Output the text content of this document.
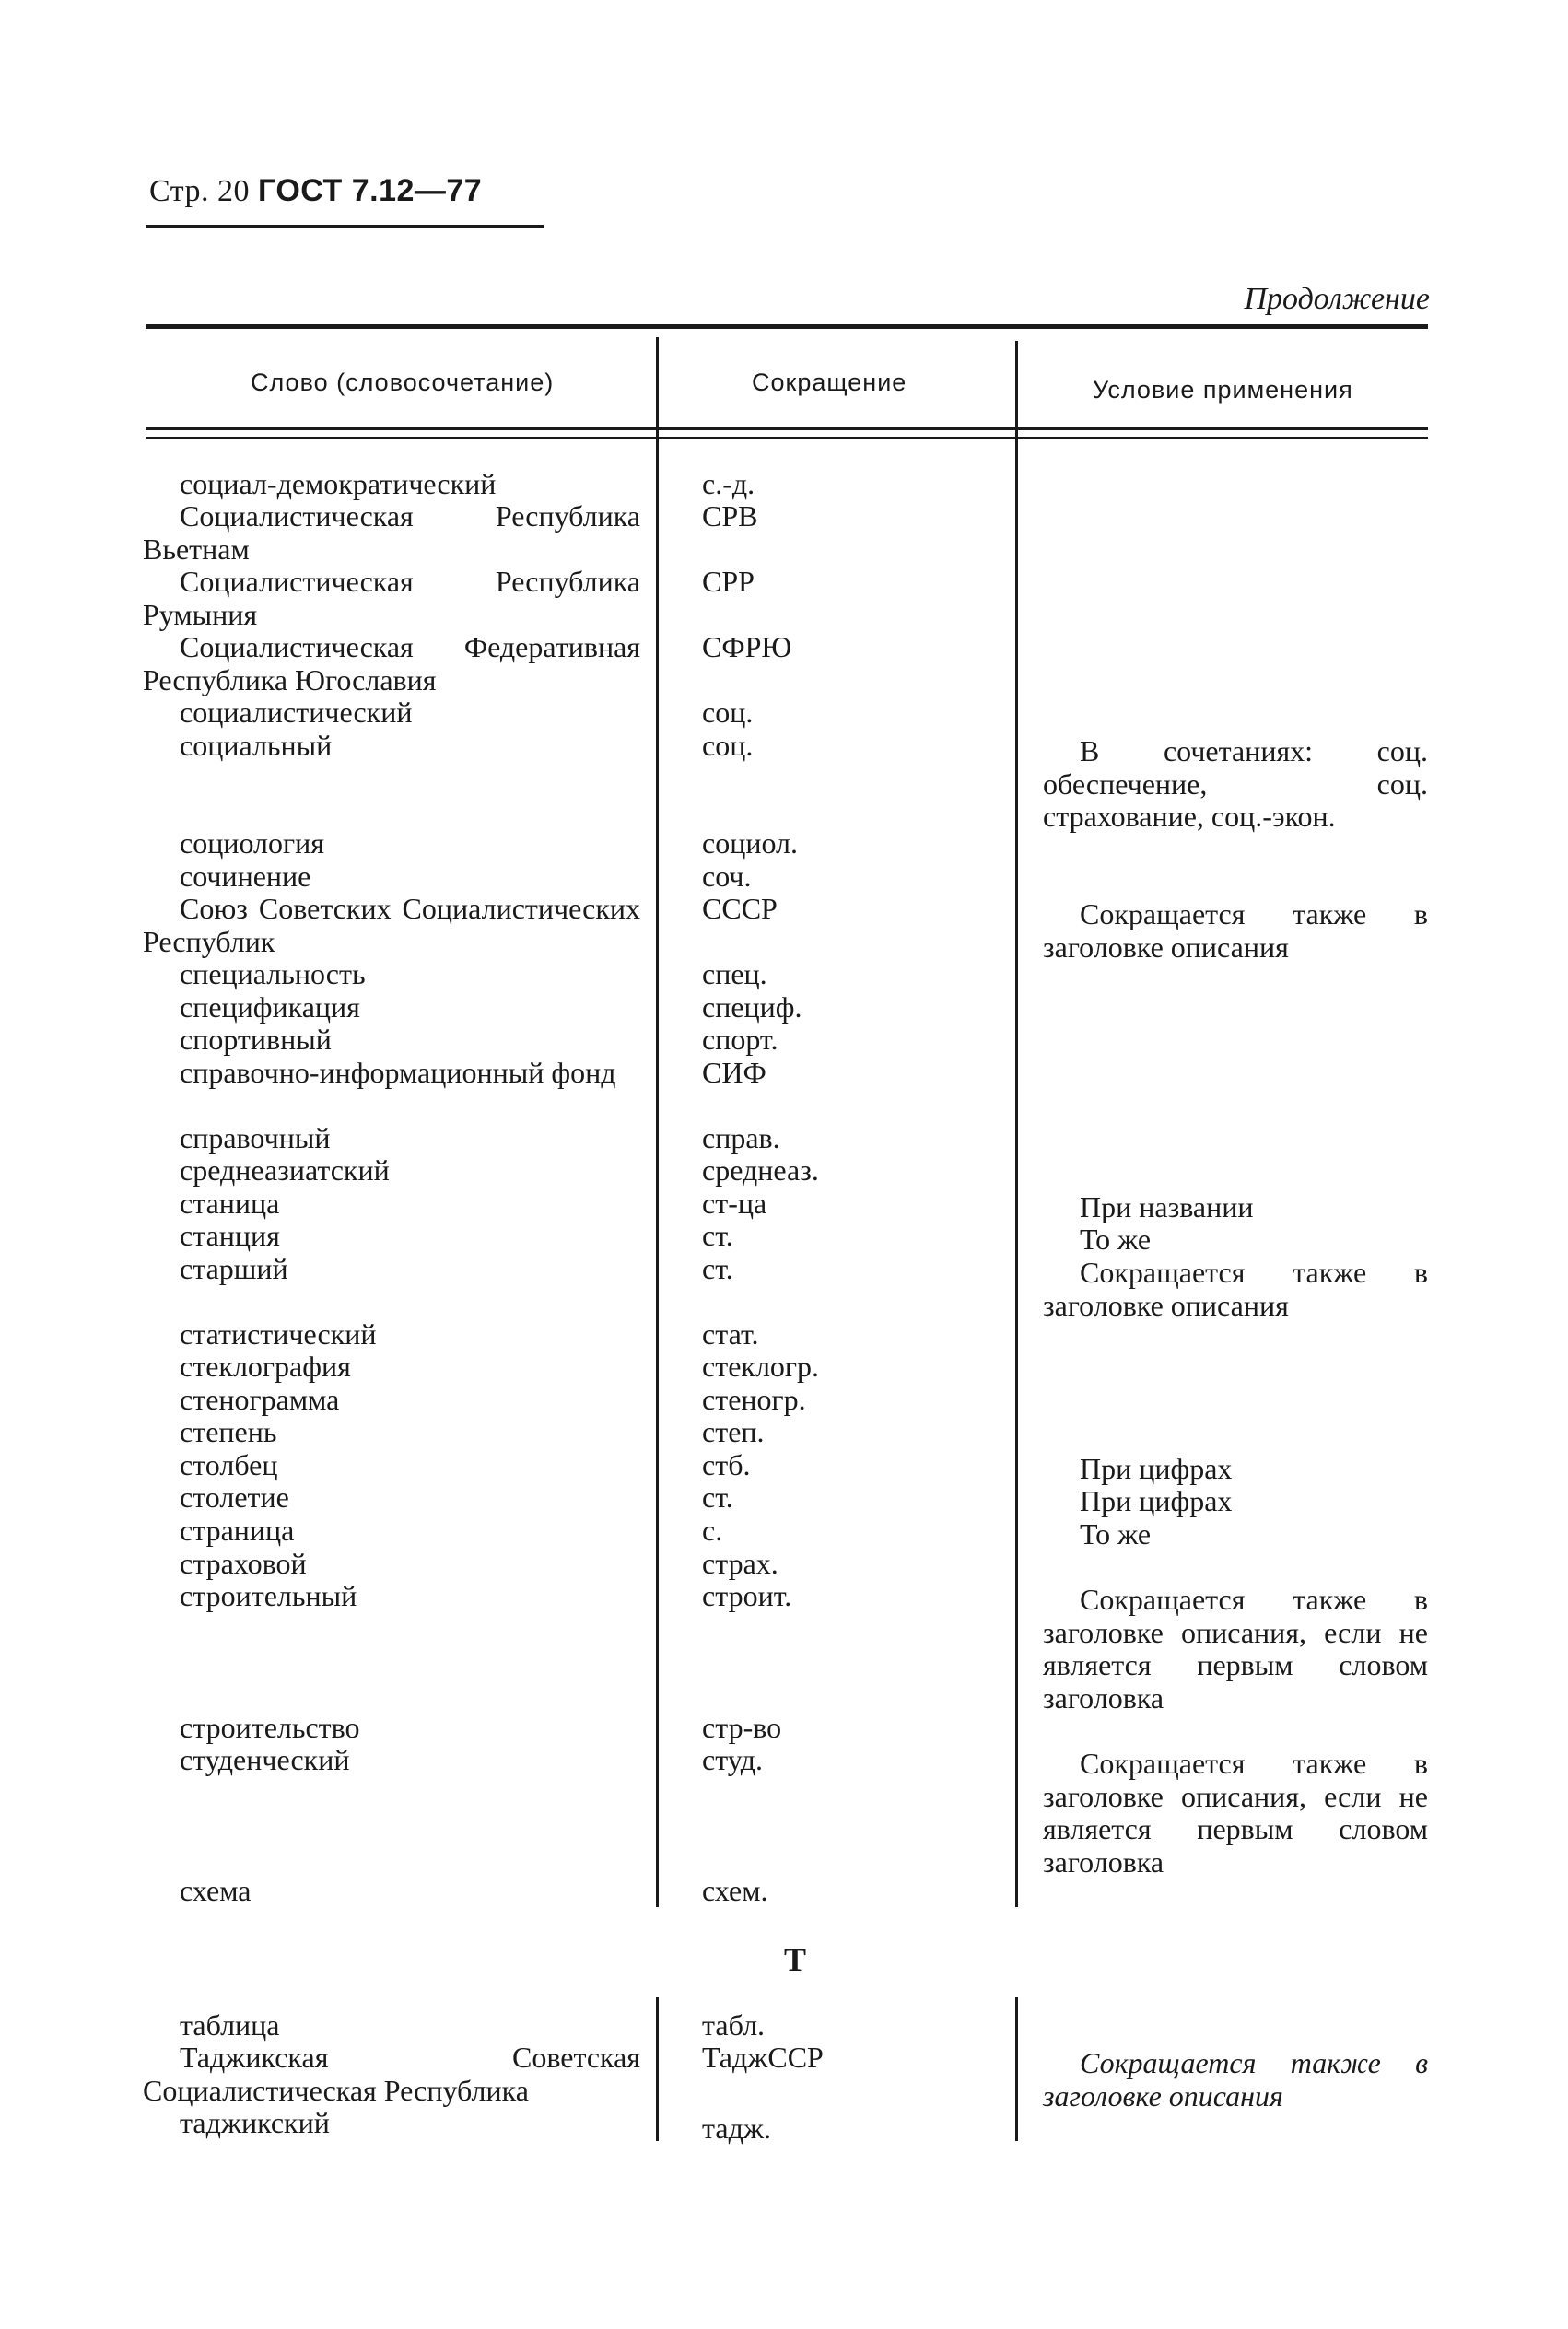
Стр. 20 ГОСТ 7.12—77
Продолжение
Слово (словосочетание)	Сокращение	Условие применения
социал-демократический
Социалистическая Республика Вьетнам
Социалистическая Республика Румыния
Социалистическая Федеративная Республика Югославия
социалистический
социальный
социология
сочинение
Союз Советских Социалистических Республик
специальность
спецификация
спортивный
справочно-информационный фонд
справочный
среднеазиатский
станица
станция
старший
статистический
стеклография
стенограмма
степень
столбец
столетие
страница
страховой
строительный
строительство
студенческий
схема
с.-д.
СРВ
СРР
СФРЮ
соц.
соц.
социол.
соч.
СССР
спец.
специф.
спорт.
СИФ
справ.
среднеаз.
ст-ца
ст.
ст.
стат.
стеклогр.
стеногр.
степ.
стб.
ст.
с.
страх.
строит.
стр-во
студ.
схем.
В сочетаниях: соц. обеспечение, соц. страхование, соц.-экон.
Сокращается также в заголовке описания
При названии
То же
Сокращается также в заголовке описания
При цифрах
При цифрах
То же
Сокращается также в заголовке описания, если не является первым словом заголовка
Сокращается также в заголовке описания, если не является первым словом заголовка
Т
таблица
Таджикская Советская Социалистическая Республика
таджикский
табл.
ТаджССР
тадж.
Сокращается также в заголовке описания
